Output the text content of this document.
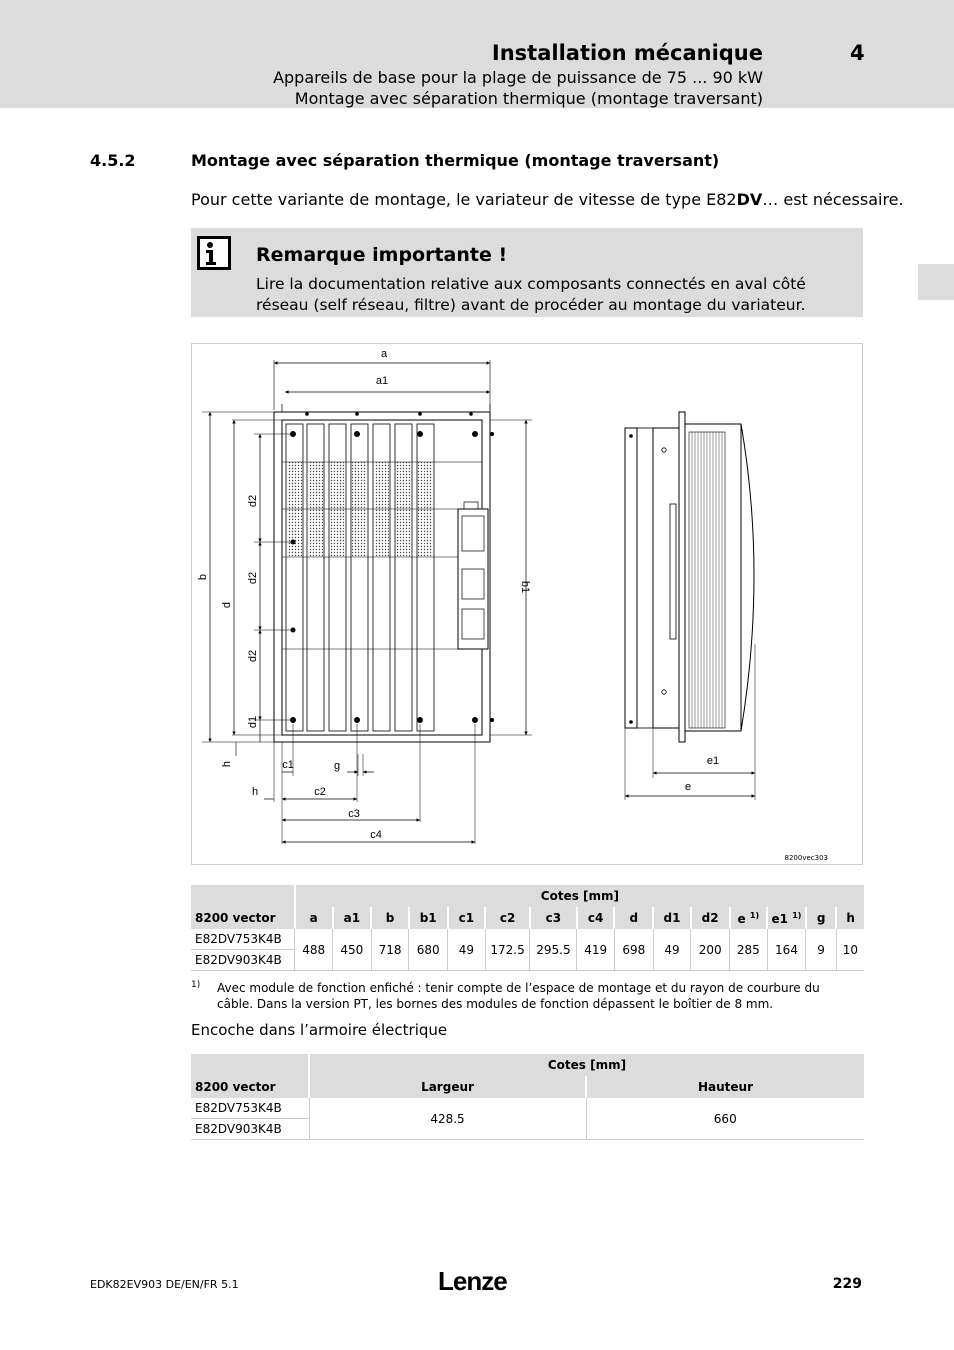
Installation mécanique	4
Appareils de base pour la plage de puissance de 75 ... 90 kW
Montage avec séparation thermique (montage traversant)
4.5.2	Montage avec séparation thermique (montage traversant)
Pour cette variante de montage, le variateur de vitesse de type E82DV… est nécessaire.
Remarque importante !
Lire la documentation relative aux composants connectés en aval côté réseau (self réseau, filtre) avant de procéder au montage du variateur.
a
a1
b
d
d2
d2
d2
d1
h
b1
c1	g
h	c2
c3
c4
e1
e
8200vec303
	Cotes [mm]														
8200 vector	a	a1	b	b1	c1	c2	c3	c4	d	d1	d2	e $^{1)}$	e1 $^{1)}$	g	h
E82DV753K4B	488	450	718	680	49	172.5	295.5	419	698	49	200	285	164	9	10
E82DV903K4B															
1) Avec module de fonction enfiché : tenir compte de l’espace de montage et du rayon de courbure du câble. Dans la version PT, les bornes des modules de fonction dépassent le boîtier de 8 mm.
Encoche dans l’armoire électrique
	Cotes [mm]	
8200 vector	Largeur	Hauteur
E82DV753K4B	428.5	660
E82DV903K4B		
EDK82EV903 DE/EN/FR 5.1	Lenze	229
